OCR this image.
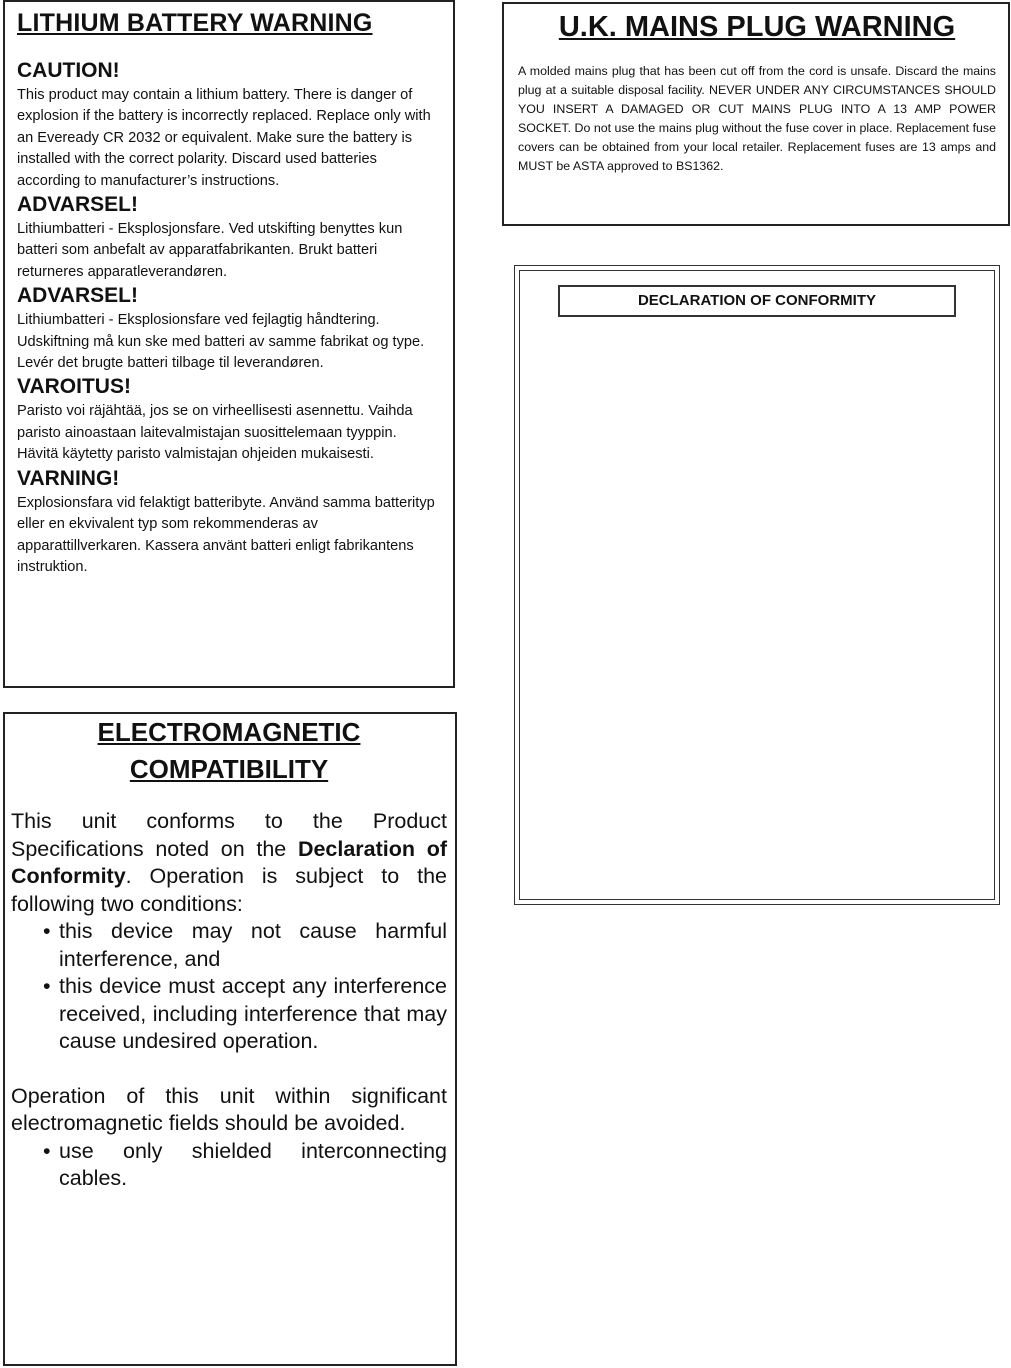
LITHIUM BATTERY WARNING
CAUTION!
This product may contain a lithium battery. There is danger of explosion if the battery is incorrectly replaced. Replace only with an Eveready CR 2032 or equivalent. Make sure the battery is installed with the correct polarity. Discard used batteries according to manufacturer’s instructions.
ADVARSEL!
Lithiumbatteri - Eksplosjonsfare. Ved utskifting benyttes kun batteri som anbefalt av apparatfabrikanten. Brukt batteri returneres apparatleverandøren.
ADVARSEL!
Lithiumbatteri - Eksplosionsfare ved fejlagtig håndtering. Udskiftning må kun ske med batteri av samme fabrikat og type. Levér det brugte batteri tilbage til leverandøren.
VAROITUS!
Paristo voi räjähtää, jos se on virheellisesti asennettu. Vaihda paristo ainoastaan laitevalmistajan suosittelemaan tyyppin. Hävitä käytetty paristo valmistajan ohjeiden mukaisesti.
VARNING!
Explosionsfara vid felaktigt batteribyte. Använd samma batterityp eller en ekvivalent typ som rekommenderas av apparattillverkaren. Kassera använt batteri enligt fabrikantens instruktion.
ELECTROMAGNETIC
COMPATIBILITY

This unit conforms to the Product Specifications noted on the Declaration of Conformity. Operation is subject to the following two conditions:

• this device may not cause harmful interference, and
• this device must accept any interference received, including interference that may cause undesired operation.

Operation of this unit within significant electromagnetic fields should be avoided.

• use only shielded interconnecting cables.
U.K. MAINS PLUG WARNING

A molded mains plug that has been cut off from the cord is unsafe. Discard the mains plug at a suitable disposal facility. NEVER UNDER ANY CIRCUMSTANCES SHOULD YOU INSERT A DAMAGED OR CUT MAINS PLUG INTO A 13 AMP POWER SOCKET. Do not use the mains plug without the fuse cover in place. Replacement fuse covers can be obtained from your local retailer. Replacement fuses are 13 amps and MUST be ASTA approved to BS1362.

DECLARATION OF CONFORMITY
